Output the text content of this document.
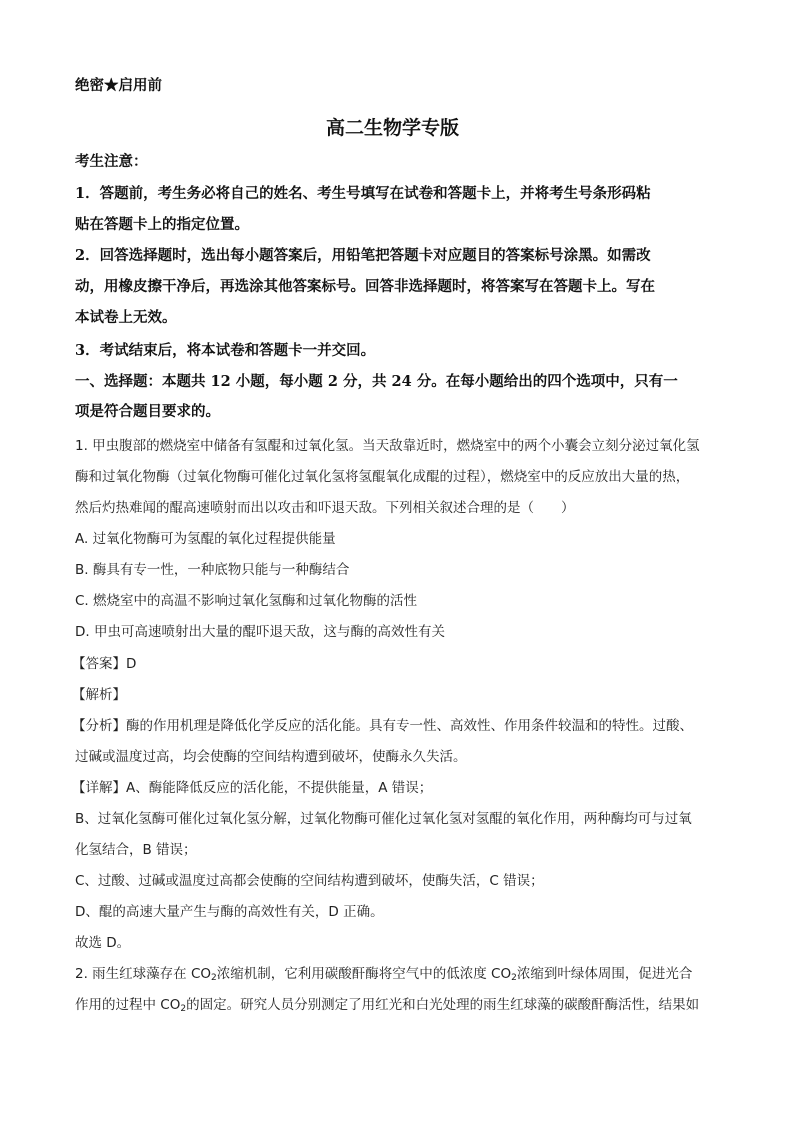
绝密★启用前

高二生物学专版

考生注意：

1．答题前，考生务必将自己的姓名、考生号填写在试卷和答题卡上，并将考生号条形码粘

贴在答题卡上的指定位置。

2．回答选择题时，选出每小题答案后，用铅笔把答题卡对应题目的答案标号涂黑。如需改

动，用橡皮擦干净后，再选涂其他答案标号。回答非选择题时，将答案写在答题卡上。写在

本试卷上无效。

3．考试结束后，将本试卷和答题卡一并交回。

一、选择题：本题共 12 小题，每小题 2 分，共 24 分。在每小题给出的四个选项中，只有一

项是符合题目要求的。

1. 甲虫腹部的燃烧室中储备有氢醌和过氧化氢。当天敌靠近时，燃烧室中的两个小囊会立刻分泌过氧化氢

酶和过氧化物酶（过氧化物酶可催化过氧化氢将氢醌氧化成醌的过程），燃烧室中的反应放出大量的热，

然后灼热难闻的醌高速喷射而出以攻击和吓退天敌。下列相关叙述合理的是（　　）

A. 过氧化物酶可为氢醌的氧化过程提供能量

B. 酶具有专一性，一种底物只能与一种酶结合

C. 燃烧室中的高温不影响过氧化氢酶和过氧化物酶的活性

D. 甲虫可高速喷射出大量的醌吓退天敌，这与酶的高效性有关

【答案】D

【解析】

【分析】酶的作用机理是降低化学反应的活化能。具有专一性、高效性、作用条件较温和的特性。过酸、

过碱或温度过高，均会使酶的空间结构遭到破坏，使酶永久失活。

【详解】A、酶能降低反应的活化能，不提供能量，A 错误；

B、过氧化氢酶可催化过氧化氢分解，过氧化物酶可催化过氧化氢对氢醌的氧化作用，两种酶均可与过氧

化氢结合，B 错误；

C、过酸、过碱或温度过高都会使酶的空间结构遭到破坏，使酶失活，C 错误；

D、醌的高速大量产生与酶的高效性有关，D 正确。

故选 D。

2. 雨生红球藻存在 $CO_2$浓缩机制，它利用碳酸酐酶将空气中的低浓度 $CO_2$浓缩到叶绿体周围，促进光合

作用的过程中 $CO_2$的固定。研究人员分别测定了用红光和白光处理的雨生红球藻的碳酸酐酶活性，结果如
